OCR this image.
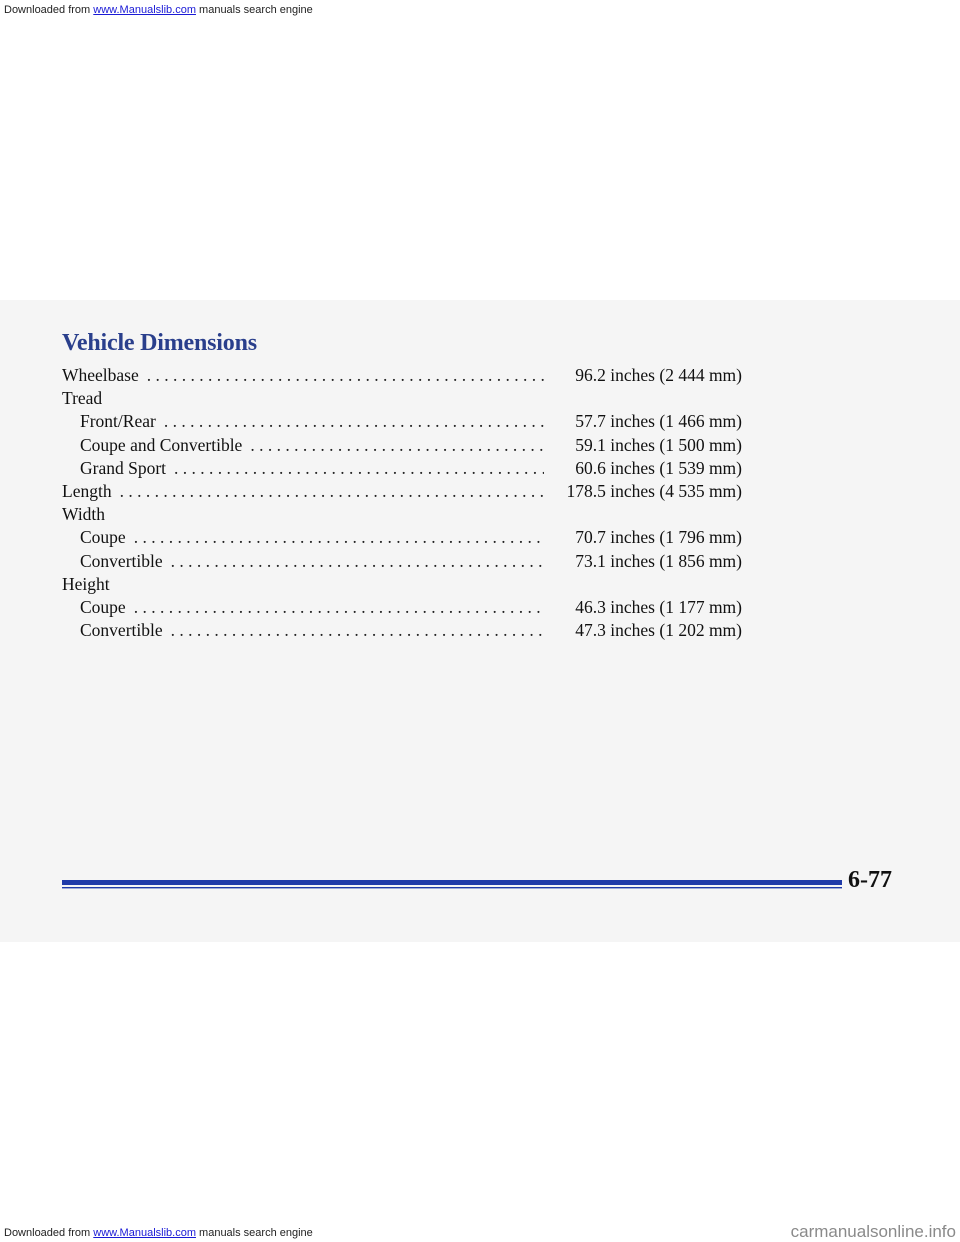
Downloaded from www.Manualslib.com manuals search engine
Vehicle Dimensions
Wheelbase . . .	96.2 inches (2 444 mm)
Tread
Front/Rear . . .	57.7 inches (1 466 mm)
Coupe and Convertible . . .	59.1 inches (1 500 mm)
Grand Sport . . .	60.6 inches (1 539 mm)
Length . . .	178.5 inches (4 535 mm)
Width
Coupe . . .	70.7 inches (1 796 mm)
Convertible . . .	73.1 inches (1 856 mm)
Height
Coupe . . .	46.3 inches (1 177 mm)
Convertible . . .	47.3 inches (1 202 mm)
6-77
Downloaded from www.Manualslib.com manuals search engine	carmanualsonline.info
